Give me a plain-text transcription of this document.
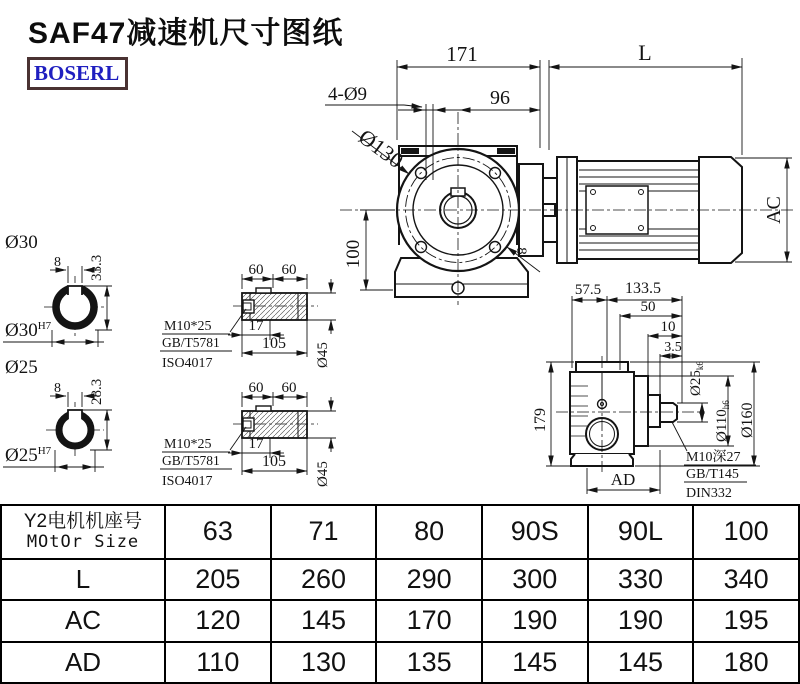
SAF47减速机尺寸图纸
BOSERL
171	L
96
4-Ø9
Ø130
8
100
AC
57.5 133.5
50
10
3.5
$Ø25_{k6}$
$Ø110_{h6}$ Ø160
179
AD
M10深27
GB/T145
DIN332
Ø30
8 33.3
$Ø30^{H7}$
Ø25
8 28.3
$Ø25^{H7}$
60 60
17
105 Ø45
M10*25
GB/T5781
ISO4017
60 60
17
105 Ø45
M10*25
GB/T5781
ISO4017
Y2电机机座号
MOtOr Size	63	71	80	90S	90L	100
L	205	260	290	300	330	340
AC	120	145	170	190	190	195
AD	110	130	135	145	145	180
